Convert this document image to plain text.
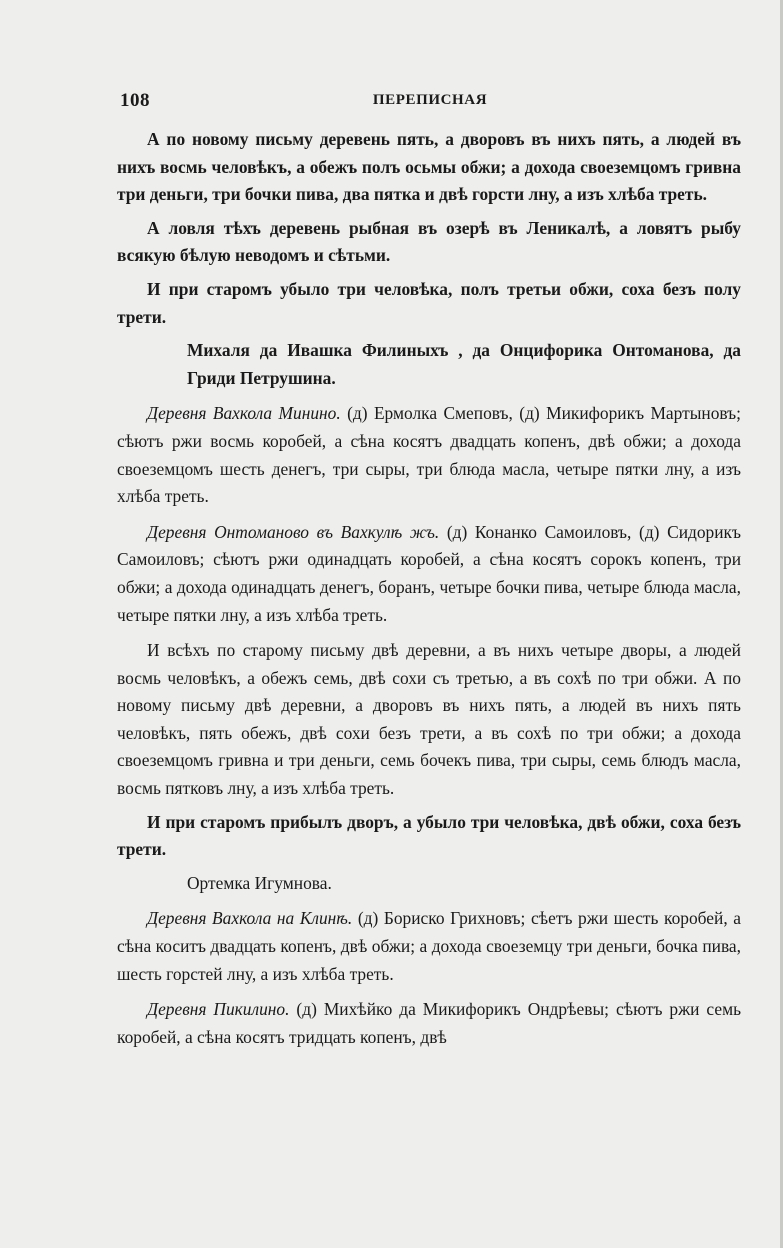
108	ПЕРЕПИСНАЯ

А по новому письму деревень пять, а дворовъ въ нихъ пять, а людей въ нихъ восмь человѣкъ, а обежъ полъ осьмы обжи; а дохода своеземцомъ гривна три деньги, три бочки пива, два пятка и двѣ горсти лну, а изъ хлѣба треть.

А ловля тѣхъ деревень рыбная въ озерѣ въ Леникалѣ, а ловятъ рыбу всякую бѣлую неводомъ и сѣтьми.

И при старомъ убыло три человѣка, полъ третьи обжи, соха безъ полу трети.

Михаля да Ивашка Филиныхъ , да Онцифорика Онтоманова, да Гриди Петрушина.

Деревня Вахкола Минино. (д) Ермолка Смеповъ, (д) Микифорикъ Мартыновъ; сѣютъ ржи восмь коробей, а сѣна косятъ двадцать копенъ, двѣ обжи; а дохода своеземцомъ шесть денегъ, три сыры, три блюда масла, четыре пятки лну, а изъ хлѣба треть.

Деревня Онтоманово въ Вахкулѣ жъ. (д) Конанко Самоиловъ, (д) Сидорикъ Самоиловъ; сѣютъ ржи одинадцать коробей, а сѣна косятъ сорокъ копенъ, три обжи; а дохода одинадцать денегъ, боранъ, четыре бочки пива, четыре блюда масла, четыре пятки лну, а изъ хлѣба треть.

И всѣхъ по старому письму двѣ деревни, а въ нихъ четыре дворы, а людей восмь человѣкъ, а обежъ семь, двѣ сохи съ третью, а въ сохѣ по три обжи. А по новому письму двѣ деревни, а дворовъ въ нихъ пять, а людей въ нихъ пять человѣкъ, пять обежъ, двѣ сохи безъ трети, а въ сохѣ по три обжи; а дохода своеземцомъ гривна и три деньги, семь бочекъ пива, три сыры, семь блюдъ масла, восмь пятковъ лну, а изъ хлѣба треть.

И при старомъ прибылъ дворъ, а убыло три человѣка, двѣ обжи, соха безъ трети.

Ортемка Игумнова.

Деревня Вахкола на Клинѣ. (д) Бориско Грихновъ; сѣетъ ржи шесть коробей, а сѣна коситъ двадцать копенъ, двѣ обжи; а дохода своеземцу три деньги, бочка пива, шесть горстей лну, а изъ хлѣба треть.

Деревня Пикилино. (д) Михѣйко да Микифорикъ Ондрѣевы; сѣютъ ржи семь коробей, а сѣна косятъ тридцать копенъ, двѣ
